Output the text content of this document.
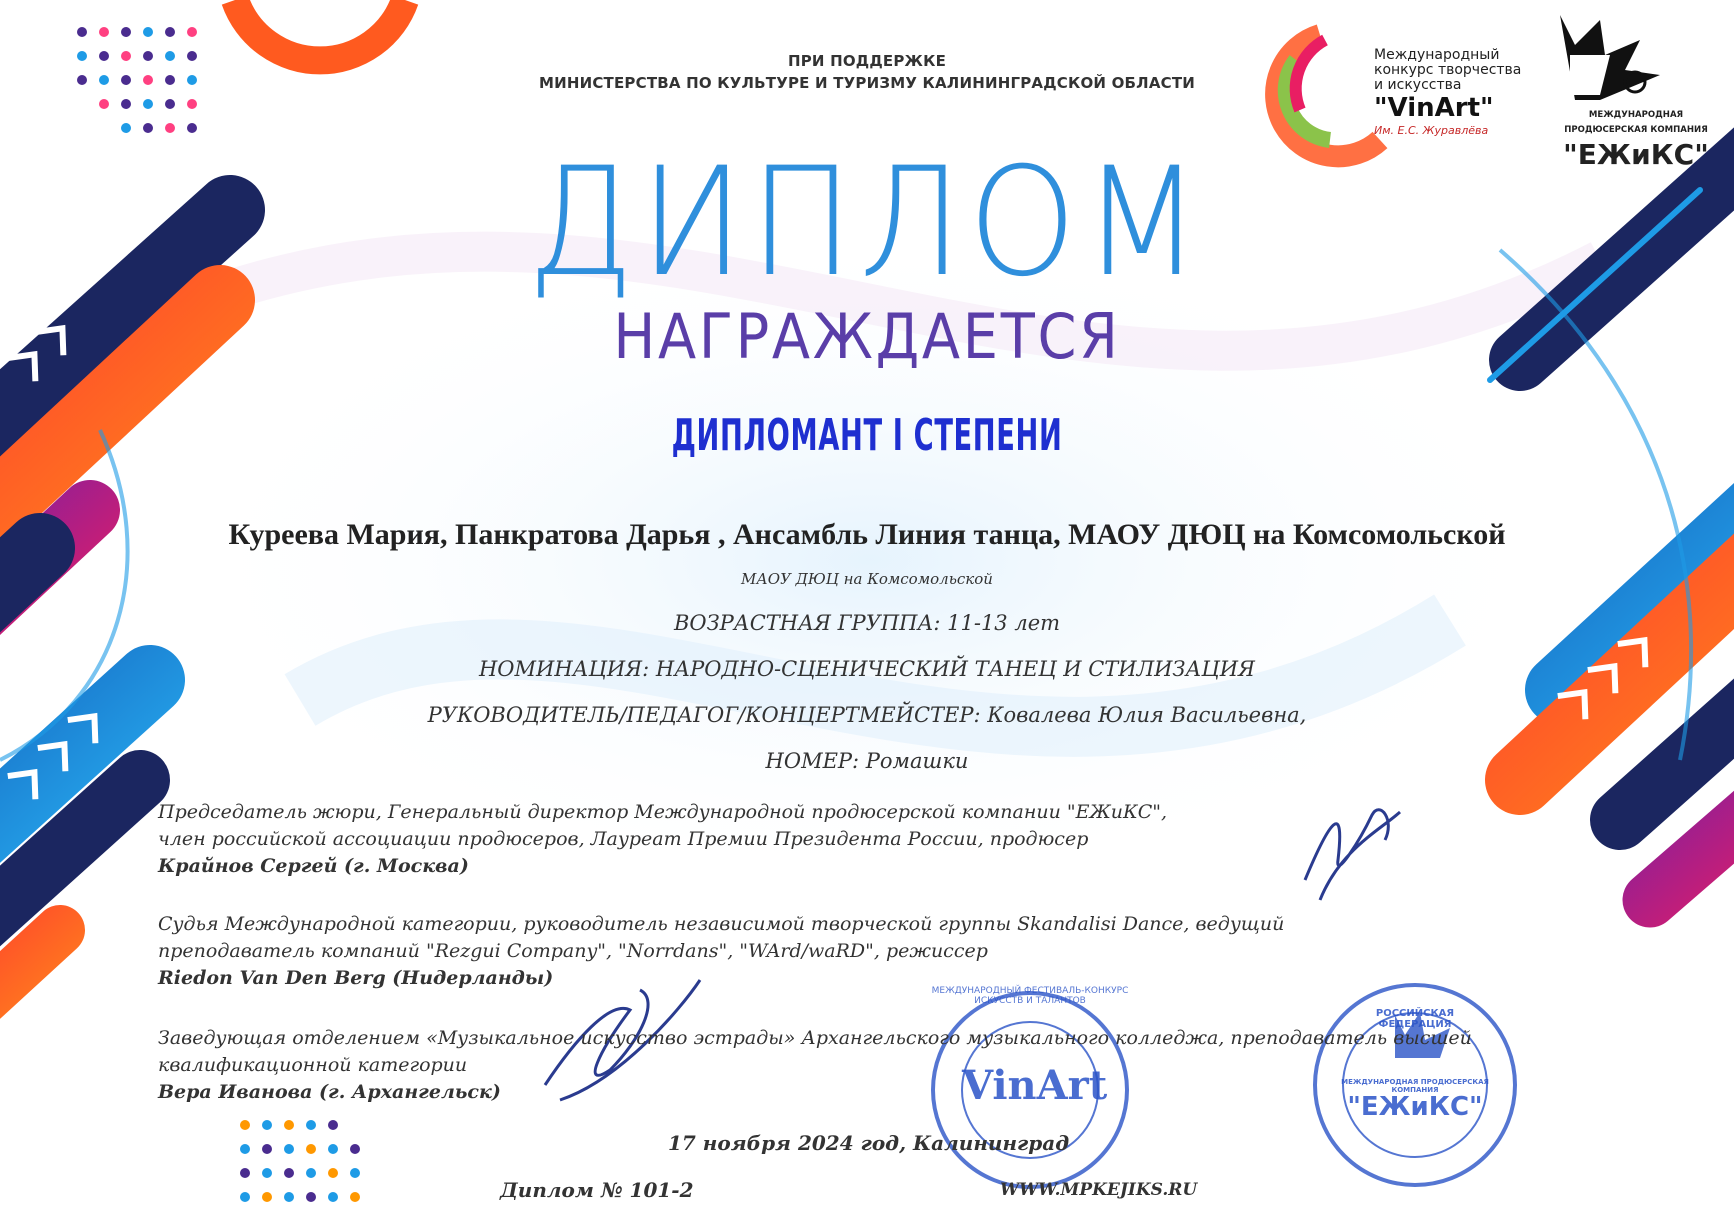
ПРИ ПОДДЕРЖКЕ
МИНИСТЕРСТВА ПО КУЛЬТУРЕ И ТУРИЗМУ КАЛИНИНГРАДСКОЙ ОБЛАСТИ
Международный
конкурс творчества
и искусства
"VinArt"
Им. Е.С. Журавлёва
МЕЖДУНАРОДНАЯ ПРОДЮСЕРСКАЯ КОМПАНИЯ
"ЕЖиКС"
ДИПЛОМ
НАГРАЖДАЕТСЯ
ДИПЛОМАНТ I СТЕПЕНИ
Куреева Мария, Панкратова Дарья , Ансамбль Линия танца, МАОУ ДЮЦ на Комсомольской
МАОУ ДЮЦ на Комсомольской
ВОЗРАСТНАЯ ГРУППА: 11-13 лет
НОМИНАЦИЯ: НАРОДНО-СЦЕНИЧЕСКИЙ ТАНЕЦ И СТИЛИЗАЦИЯ
РУКОВОДИТЕЛЬ/ПЕДАГОГ/КОНЦЕРТМЕЙСТЕР: Ковалева Юлия Васильевна,
НОМЕР: Ромашки
Председатель жюри, Генеральный директор Международной продюсерской компании "ЕЖиКС",
член российской ассоциации продюсеров, Лауреат Премии Президента России, продюсер
Крайнов Сергей (г. Москва)
Судья Международной категории, руководитель независимой творческой группы Skandalisi Dance, ведущий
преподаватель компаний "Rezgui Company", "Norrdans", "WArd/waRD", режиссер
Riedon Van Den Berg (Нидерланды)
Заведующая отделением «Музыкальное искусство эстрады» Архангельского музыкального колледжа, преподаватель высшей
квалификационной категории
Вера Иванова (г. Архангельск)
17 ноября 2024 год, Калининград
Диплом № 101-2	WWW.MPKEJIKS.RU
VinArt
МЕЖДУНАРОДНЫЙ ФЕСТИВАЛЬ-КОНКУРС ИСКУССТВ И ТАЛАНТОВ
РОССИЙСКАЯ ФЕДЕРАЦИЯ
МЕЖДУНАРОДНАЯ ПРОДЮСЕРСКАЯ КОМПАНИЯ
"ЕЖиКС"
